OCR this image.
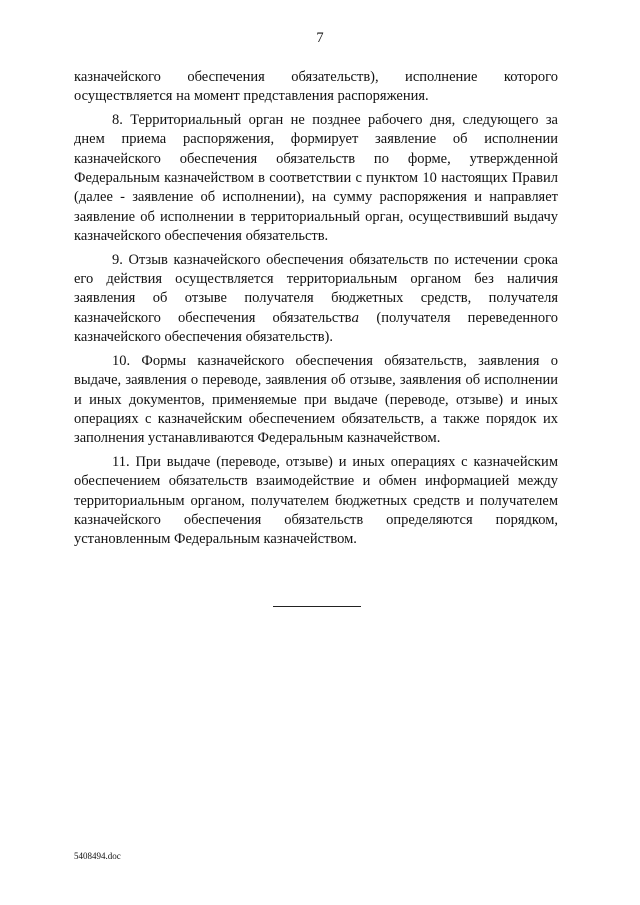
7

казначейского обеспечения обязательств), исполнение которого осуществляется на момент представления распоряжения.

8. Территориальный орган не позднее рабочего дня, следующего за днем приема распоряжения, формирует заявление об исполнении казначейского обеспечения обязательств по форме, утвержденной Федеральным казначейством в соответствии с пунктом 10 настоящих Правил (далее - заявление об исполнении), на сумму распоряжения и направляет заявление об исполнении в территориальный орган, осуществивший выдачу казначейского обеспечения обязательств.

9. Отзыв казначейского обеспечения обязательств по истечении срока его действия осуществляется территориальным органом без наличия заявления об отзыве получателя бюджетных средств, получателя казначейского обеспечения обязательства (получателя переведенного казначейского обеспечения обязательств).

10. Формы казначейского обеспечения обязательств, заявления о выдаче, заявления о переводе, заявления об отзыве, заявления об исполнении и иных документов, применяемые при выдаче (переводе, отзыве) и иных операциях с казначейским обеспечением обязательств, а также порядок их заполнения устанавливаются Федеральным казначейством.

11. При выдаче (переводе, отзыве) и иных операциях с казначейским обеспечением обязательств взаимодействие и обмен информацией между территориальным органом, получателем бюджетных средств и получателем казначейского обеспечения обязательств определяются порядком, установленным Федеральным казначейством.

5408494.doc
